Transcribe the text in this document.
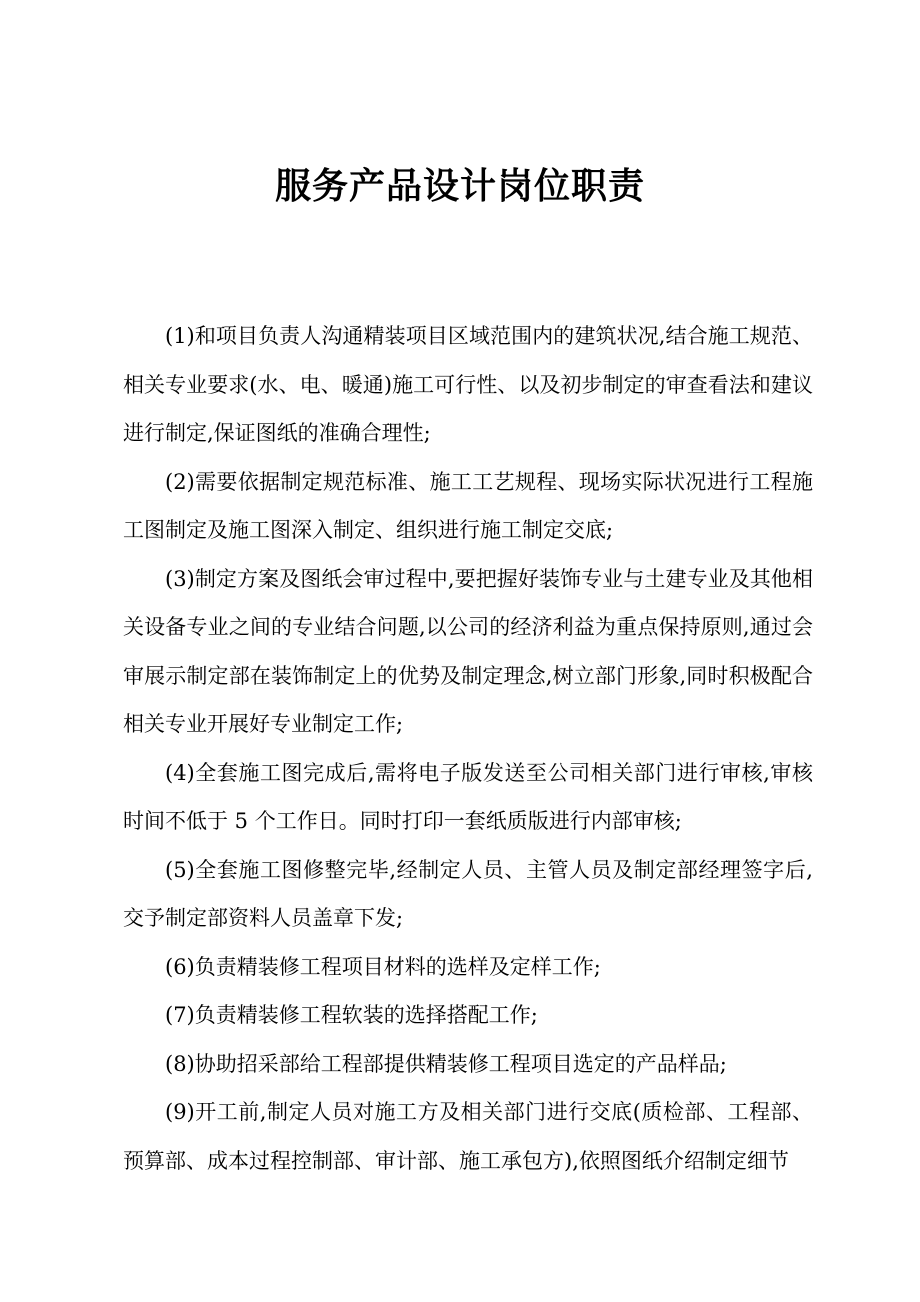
服务产品设计岗位职责

(1)和项目负责人沟通精装项目区域范围内的建筑状况,结合施工规范、相关专业要求(水、电、暖通)施工可行性、以及初步制定的审查看法和建议进行制定,保证图纸的准确合理性;

(2)需要依据制定规范标准、施工工艺规程、现场实际状况进行工程施工图制定及施工图深入制定、组织进行施工制定交底;

(3)制定方案及图纸会审过程中,要把握好装饰专业与土建专业及其他相关设备专业之间的专业结合问题,以公司的经济利益为重点保持原则,通过会审展示制定部在装饰制定上的优势及制定理念,树立部门形象,同时积极配合相关专业开展好专业制定工作;

(4)全套施工图完成后,需将电子版发送至公司相关部门进行审核,审核时间不低于 5 个工作日。同时打印一套纸质版进行内部审核;

(5)全套施工图修整完毕,经制定人员、主管人员及制定部经理签字后,交予制定部资料人员盖章下发;

(6)负责精装修工程项目材料的选样及定样工作;

(7)负责精装修工程软装的选择搭配工作;

(8)协助招采部给工程部提供精装修工程项目选定的产品样品;

(9)开工前,制定人员对施工方及相关部门进行交底(质检部、工程部、预算部、成本过程控制部、审计部、施工承包方),依照图纸介绍制定细节
